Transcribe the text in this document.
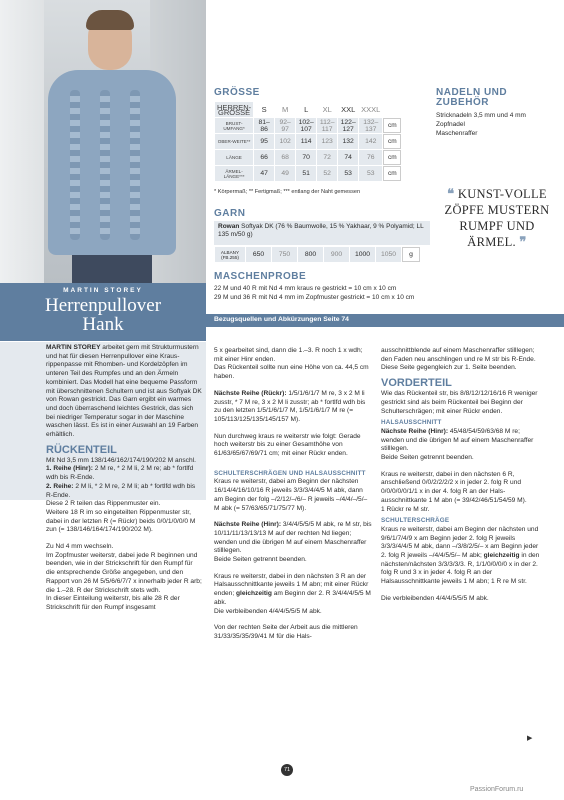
MARTIN STOREY
Herrenpullover
Hank
GRÖSSE
HERREN-GRÖSSE	S	M	L	XL	XXL	XXXL	
BRUST-UMFANG*	81–86	92–97	102–107	112–117	122–127	132–137	cm
OBER-WEITE**	95	102	114	123	132	142	cm
LÄNGE	66	68	70	72	74	76	cm
ÄRMEL-LÄNGE***	47	49	51	52	53	53	cm
* Körpermaß; ** Fertigmaß; *** entlang der Naht gemessen
GARN
Rowan Softyak DK (76 % Baumwolle, 15 % Yakhaar, 9 % Polyamid; LL 135 m/50 g)
ALBANY (FB.255)	650	750	800	900	1000	1050	g
MASCHENPROBE
22 M und 40 R mit Nd 4 mm kraus re gestrickt = 10 cm x 10 cm
29 M und 36 R mit Nd 4 mm im Zopfmuster gestrickt = 10 cm x 10 cm
Bezugsquellen und Abkürzungen Seite 74
NADELN UND ZUBEHÖR
Stricknadeln 3,5 mm und 4 mm
Zopfnadel
Maschenraffer
❝ KUNST-VOLLE ZÖPFE MUSTERN RUMPF UND ÄRMEL. ❞

MARTIN STOREY arbeitet gern mit Strukturmustern und hat für diesen Herrenpullover eine Krausrippenpasse mit Rhomben- und Kordelzöpfen im unteren Teil des Rumpfes und an den Ärmeln kombiniert. Das Modell hat eine bequeme Passform mit überschnittenen Schultern und ist aus Softyak DK von Rowan gestrickt. Das Garn ergibt ein warmes und doch überraschend leichtes Gestrick, das sich bei niedriger Temperatur sogar in der Maschine waschen lässt. Es ist in einer Auswahl an 19 Farben erhältlich.

RÜCKENTEIL

Mit Nd 3,5 mm 138/146/162/174/190/202 M anschl.

1. Reihe (Hinr): 2 M re, * 2 M li, 2 M re; ab * fortlfd wdh bis R-Ende.

2. Reihe: 2 M li, * 2 M re, 2 M li; ab * fortlfd wdh bis R-Ende.

Diese 2 R teilen das Rippenmuster ein.

Weitere 18 R im so eingeteilten Rippenmuster str, dabei in der letzten R (= Rückr) beids 0/0/1/0/0/0 M zun (= 138/146/164/174/190/202 M).

Zu Nd 4 mm wechseln.

Im Zopfmuster weiterstr, dabei jede R beginnen und beenden, wie in der Strickschrift für den Rumpf für die entsprechende Größe angegeben, und den Rapport von 26 M 5/5/6/6/7/7 x innerhalb jeder R arb; die 1.–28. R der Strickschrift stets wdh.

In dieser Einteilung weiterstr, bis alle 28 R der Strickschrift für den Rumpf insgesamt

5 x gearbeitet sind, dann die 1.–3. R noch 1 x wdh; mit einer Hinr enden.

Das Rückenteil sollte nun eine Höhe von ca. 44,5 cm haben.

Nächste Reihe (Rückr): 1/5/1/6/1/7 M re, 3 x 2 M li zusstr, * 7 M re, 3 x 2 M li zusstr; ab * fortlfd wdh bis zu den letzten 1/5/1/6/1/7 M, 1/5/1/6/1/7 M re (= 105/113/125/135/145/157 M).

Nun durchweg kraus re weiterstr wie folgt: Gerade hoch weiterstr bis zu einer Gesamthöhe von 61/63/65/67/69/71 cm; mit einer Rückr enden.

SCHULTERSCHRÄGEN UND HALSAUSSCHNITT

Kraus re weiterstr, dabei am Beginn der nächsten 16/14/4/16/10/16 R jeweils 3/3/3/4/4/5 M abk, dann am Beginn der folg –/2/12/–/6/– R jeweils –/4/4/–/5/– M abk (= 57/63/65/71/75/77 M).

Nächste Reihe (Hinr): 3/4/4/5/5/5 M abk, re M str, bis 10/11/11/13/13/13 M auf der rechten Nd liegen; wenden und die übrigen M auf einem Maschenraffer stilllegen.

Beide Seiten getrennt beenden.

Kraus re weiterstr, dabei in den nächsten 3 R an der Halsausschnittkante jeweils 1 M abn; mit einer Rückr enden; gleichzeitig am Beginn der 2. R 3/4/4/4/5/5 M abk.

Die verbleibenden 4/4/4/5/5/5 M abk.

Von der rechten Seite der Arbeit aus die mittleren 31/33/35/35/39/41 M für die Hals-

ausschnittblende auf einem Maschenraffer stilllegen; den Faden neu anschlingen und re M str bis R-Ende.

Diese Seite gegengleich zur 1. Seite beenden.

VORDERTEIL

Wie das Rückenteil str, bis 8/8/12/12/16/16 R weniger gestrickt sind als beim Rückenteil bei Beginn der Schulterschrägen; mit einer Rückr enden.

HALSAUSSCHNITT

Nächste Reihe (Hinr): 45/48/54/59/63/68 M re; wenden und die übrigen M auf einem Maschenraffer stilllegen.

Beide Seiten getrennt beenden.

Kraus re weiterstr, dabei in den nächsten 6 R, anschließend 0/0/2/2/2/2 x in jeder 2. folg R und 0/0/0/0/0/1/1 x in der 4. folg R an der Halsausschnittkante 1 M abn (= 39/42/46/51/54/59 M).

1 Rückr re M str.

SCHULTERSCHRÄGE

Kraus re weiterstr, dabei am Beginn der nächsten und 9/6/1/7/4/9 x am Beginn jeder 2. folg R jeweils 3/3/3/4/4/5 M abk, dann –/3/8/2/5/– x am Beginn jeder 2. folg R jeweils –/4/4/5/5/– M abk; gleichzeitig in den nächsten/nächsten 3/3/3/3/3. R, 1/1/0/0/0/0 x in der 2. folg R und 3 x in jeder 4. folg R an der Halsausschnittkante jeweils 1 M abn; 1 R re M str.

Die verbleibenden 4/4/4/5/5/5 M abk.

▶
71
PassionForum.ru
